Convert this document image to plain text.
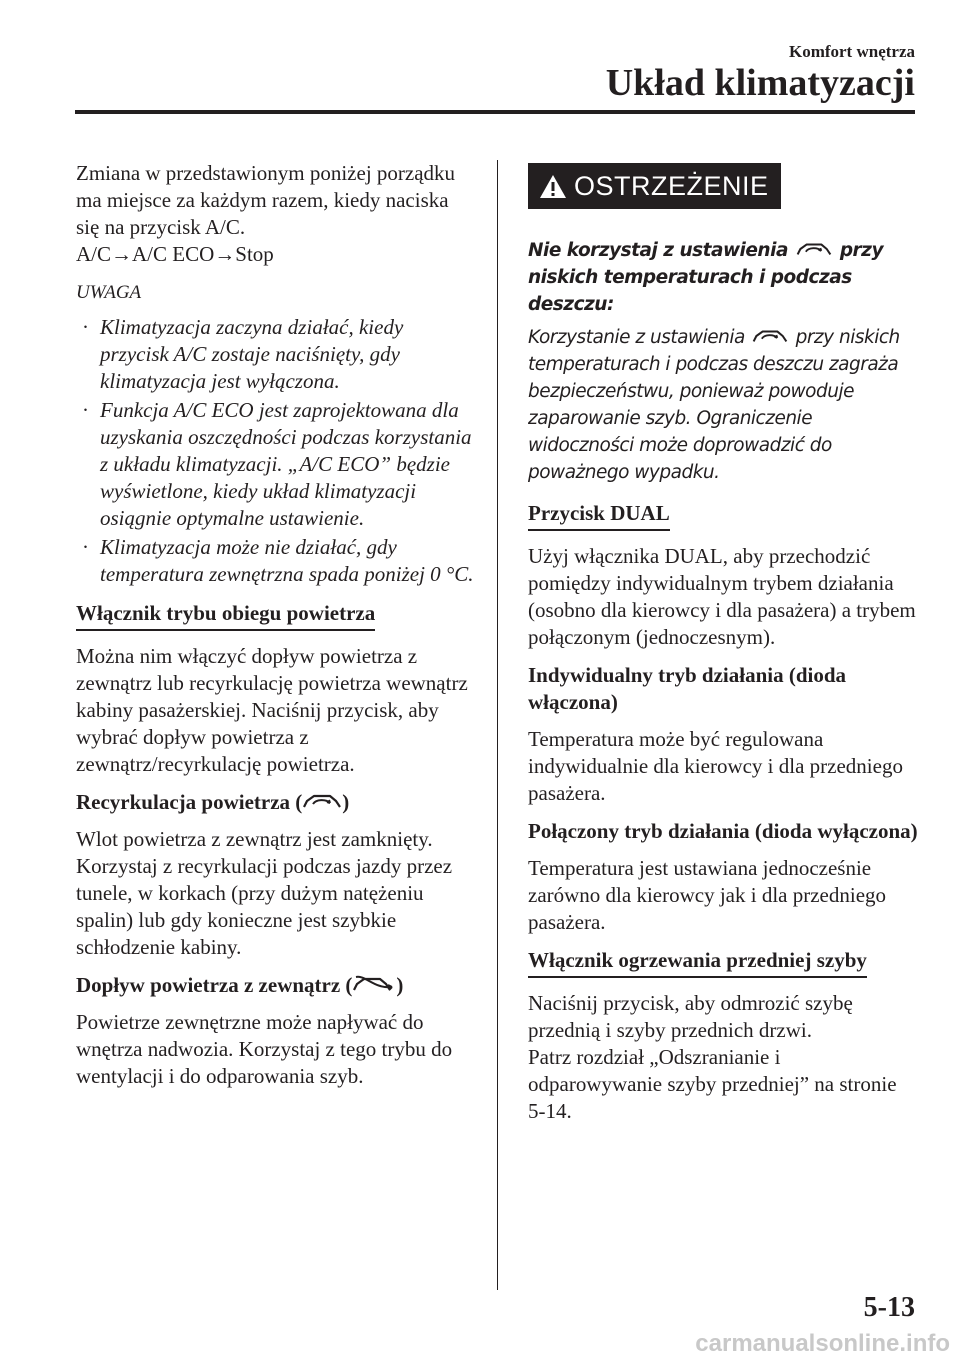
Komfort wnętrza
Układ klimatyzacji

Zmiana w przedstawionym poniżej porządku ma miejsce za każdym razem, kiedy naciska się na przycisk A/C.

A/C→A/C ECO→Stop

UWAGA

· Klimatyzacja zaczyna działać, kiedy przycisk A/C zostaje naciśnięty, gdy klimatyzacja jest wyłączona.
· Funkcja A/C ECO jest zaprojektowana dla uzyskania oszczędności podczas korzystania z układu klimatyzacji. „A/C ECO” będzie wyświetlone, kiedy układ klimatyzacji osiągnie optymalne ustawienie.
· Klimatyzacja może nie działać, gdy temperatura zewnętrzna spada poniżej 0 °C.
Włącznik trybu obiegu powietrza

Można nim włączyć dopływ powietrza z zewnątrz lub recyrkulację powietrza wewnątrz kabiny pasażerskiej. Naciśnij przycisk, aby wybrać dopływ powietrza z zewnątrz/recyrkulację powietrza.

Recyrkulacja powietrza ( )

Wlot powietrza z zewnątrz jest zamknięty. Korzystaj z recyrkulacji podczas jazdy przez tunele, w korkach (przy dużym natężeniu spalin) lub gdy konieczne jest szybkie schłodzenie kabiny.

Dopływ powietrza z zewnątrz ( )

Powietrze zewnętrzne może napływać do wnętrza nadwozia. Korzystaj z tego trybu do wentylacji i do odparowania szyb.

OSTRZEŻENIE

Nie korzystaj z ustawienia  przy niskich temperaturach i podczas deszczu:

Korzystanie z ustawienia  przy niskich temperaturach i podczas deszczu zagraża bezpieczeństwu, ponieważ powoduje zaparowanie szyb. Ograniczenie widoczności może doprowadzić do poważnego wypadku.

Przycisk DUAL

Użyj włącznika DUAL, aby przechodzić pomiędzy indywidualnym trybem działania (osobno dla kierowcy i dla pasażera) a trybem połączonym (jednoczesnym).

Indywidualny tryb działania (dioda włączona)

Temperatura może być regulowana indywidualnie dla kierowcy i dla przedniego pasażera.

Połączony tryb działania (dioda wyłączona)

Temperatura jest ustawiana jednocześnie zarówno dla kierowcy jak i dla przedniego pasażera.

Włącznik ogrzewania przedniej szyby

Naciśnij przycisk, aby odmrozić szybę przednią i szyby przednich drzwi.

Patrz rozdział „Odszranianie i odparowywanie szyby przedniej” na stronie 5-14.

5-13
carmanualsonline.info
